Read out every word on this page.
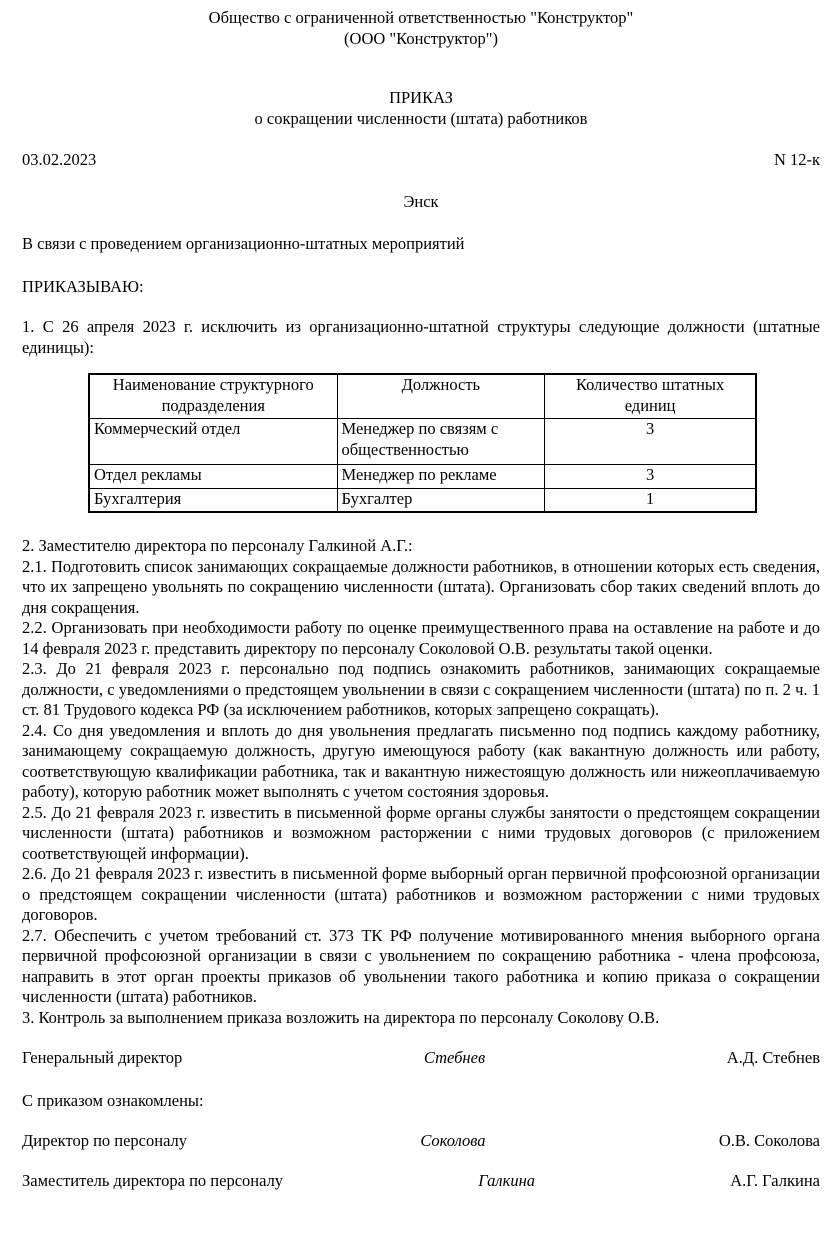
Общество с ограниченной ответственностью "Конструктор"

(ООО "Конструктор")

ПРИКАЗ

о сокращении численности (штата) работников

03.02.2023	N 12-к

Энск

В связи с проведением организационно-штатных мероприятий

ПРИКАЗЫВАЮ:

1. С 26 апреля 2023 г. исключить из организационно-штатной структуры следующие должности (штатные единицы):

Наименование структурного подразделения	Должность	Количество штатных единиц
Коммерческий отдел	Менеджер по связям с общественностью	3
Отдел рекламы	Менеджер по рекламе	3
Бухгалтерия	Бухгалтер	1

2. Заместителю директора по персоналу Галкиной А.Г.:

2.1. Подготовить список занимающих сокращаемые должности работников, в отношении которых есть сведения, что их запрещено увольнять по сокращению численности (штата). Организовать сбор таких сведений вплоть до дня сокращения.

2.2. Организовать при необходимости работу по оценке преимущественного права на оставление на работе и до 14 февраля 2023 г. представить директору по персоналу Соколовой О.В. результаты такой оценки.

2.3. До 21 февраля 2023 г. персонально под подпись ознакомить работников, занимающих сокращаемые должности, с уведомлениями о предстоящем увольнении в связи с сокращением численности (штата) по п. 2 ч. 1 ст. 81 Трудового кодекса РФ (за исключением работников, которых запрещено сокращать).

2.4. Со дня уведомления и вплоть до дня увольнения предлагать письменно под подпись каждому работнику, занимающему сокращаемую должность, другую имеющуюся работу (как вакантную должность или работу, соответствующую квалификации работника, так и вакантную нижестоящую должность или нижеоплачиваемую работу), которую работник может выполнять с учетом состояния здоровья.

2.5. До 21 февраля 2023 г. известить в письменной форме органы службы занятости о предстоящем сокращении численности (штата) работников и возможном расторжении с ними трудовых договоров (с приложением соответствующей информации).

2.6. До 21 февраля 2023 г. известить в письменной форме выборный орган первичной профсоюзной организации о предстоящем сокращении численности (штата) работников и возможном расторжении с ними трудовых договоров.

2.7. Обеспечить с учетом требований ст. 373 ТК РФ получение мотивированного мнения выборного органа первичной профсоюзной организации в связи с увольнением по сокращению работника - члена профсоюза, направить в этот орган проекты приказов об увольнении такого работника и копию приказа о сокращении численности (штата) работников.

3. Контроль за выполнением приказа возложить на директора по персоналу Соколову О.В.

Генеральный директор	Стебнев	А.Д. Стебнев

С приказом ознакомлены:

Директор по персоналу	Соколова	О.В. Соколова
Заместитель директора по персоналу	Галкина	А.Г. Галкина
